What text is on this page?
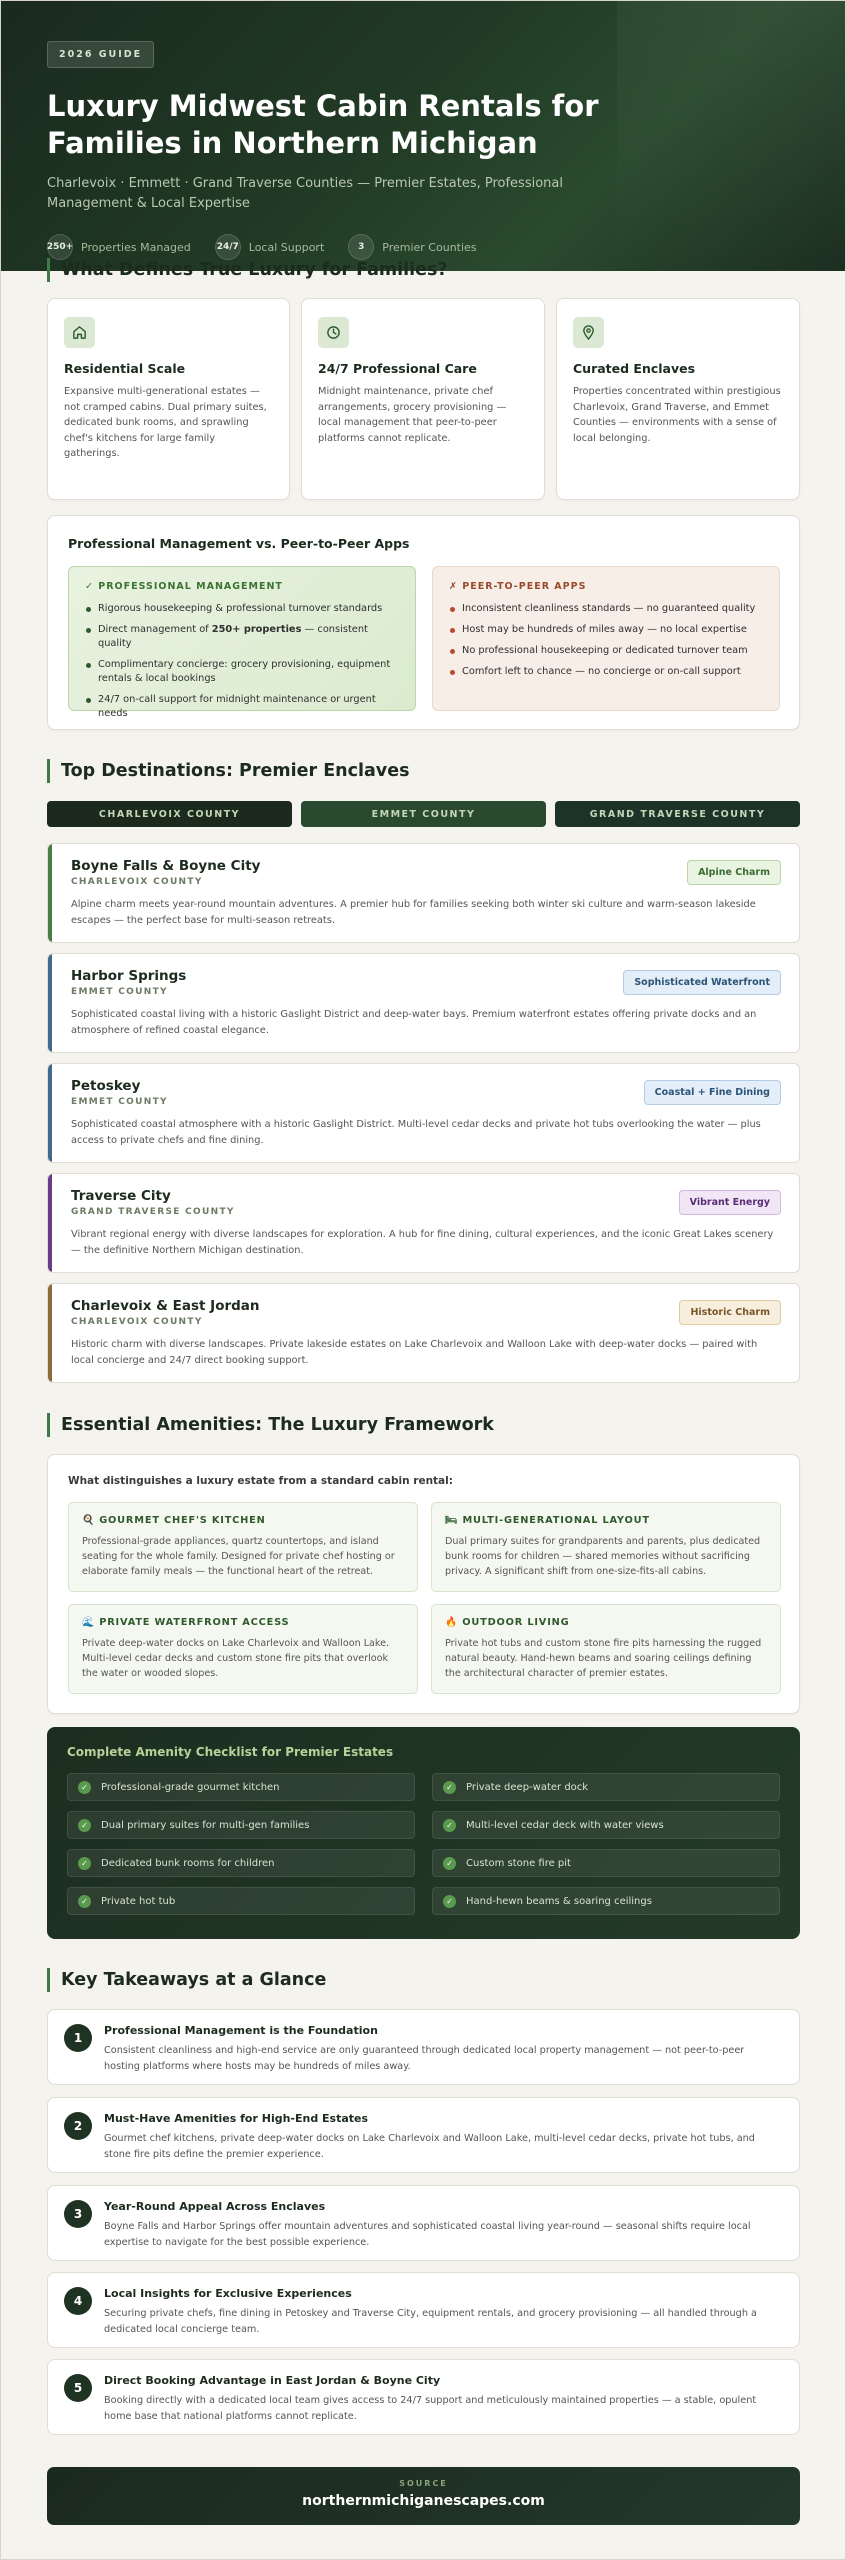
2026 GUIDE
Luxury Midwest Cabin Rentals for Families in Northern Michigan

Charlevoix · Emmett · Grand Traverse Counties — Premier Estates, Professional Management & Local Expertise

250+ Properties Managed	24/7 Local Support	3	Premier Counties
What Defines True Luxury for Families?
Residential Scale

Expansive multi-generational estates — not cramped cabins. Dual primary suites, dedicated bunk rooms, and sprawling chef's kitchens for large family gatherings.

24/7 Professional Care

Midnight maintenance, private chef arrangements, grocery provisioning — local management that peer-to-peer platforms cannot replicate.

Curated Enclaves

Properties concentrated within prestigious Charlevoix, Grand Traverse, and Emmet Counties — environments with a sense of local belonging.

Professional Management vs. Peer-to-Peer Apps
✓ PROFESSIONAL MANAGEMENT
Rigorous housekeeping & professional turnover standards
Direct management of 250+ properties — consistent quality
Complimentary concierge: grocery provisioning, equipment rentals & local bookings
24/7 on-call support for midnight maintenance or urgent needs
✗ PEER-TO-PEER APPS
Inconsistent cleanliness standards — no guaranteed quality
Host may be hundreds of miles away — no local expertise
No professional housekeeping or dedicated turnover team
Comfort left to chance — no concierge or on-call support
Top Destinations: Premier Enclaves
CHARLEVOIX COUNTY	EMMET COUNTY	GRAND TRAVERSE COUNTY
Boyne Falls & Boyne City
CHARLEVOIX COUNTY
Alpine Charm

Alpine charm meets year-round mountain adventures. A premier hub for families seeking both winter ski culture and warm-season lakeside escapes — the perfect base for multi-season retreats.

Harbor Springs
EMMET COUNTY
Sophisticated Waterfront

Sophisticated coastal living with a historic Gaslight District and deep-water bays. Premium waterfront estates offering private docks and an atmosphere of refined coastal elegance.

Petoskey
EMMET COUNTY
Coastal + Fine Dining

Sophisticated coastal atmosphere with a historic Gaslight District. Multi-level cedar decks and private hot tubs overlooking the water — plus access to private chefs and fine dining.

Traverse City
GRAND TRAVERSE COUNTY
Vibrant Energy

Vibrant regional energy with diverse landscapes for exploration. A hub for fine dining, cultural experiences, and the iconic Great Lakes scenery — the definitive Northern Michigan destination.

Charlevoix & East Jordan
CHARLEVOIX COUNTY
Historic Charm

Historic charm with diverse landscapes. Private lakeside estates on Lake Charlevoix and Walloon Lake with deep-water docks — paired with local concierge and 24/7 direct booking support.

Essential Amenities: The Luxury Framework
What distinguishes a luxury estate from a standard cabin rental:
🍳 GOURMET CHEF'S KITCHEN

Professional-grade appliances, quartz countertops, and island seating for the whole family. Designed for private chef hosting or elaborate family meals — the functional heart of the retreat.

🛏 MULTI-GENERATIONAL LAYOUT

Dual primary suites for grandparents and parents, plus dedicated bunk rooms for children — shared memories without sacrificing privacy. A significant shift from one-size-fits-all cabins.

🌊 PRIVATE WATERFRONT ACCESS

Private deep-water docks on Lake Charlevoix and Walloon Lake. Multi-level cedar decks and custom stone fire pits that overlook the water or wooded slopes.

🔥 OUTDOOR LIVING

Private hot tubs and custom stone fire pits harnessing the rugged natural beauty. Hand-hewn beams and soaring ceilings defining the architectural character of premier estates.

Complete Amenity Checklist for Premier Estates
✓	Professional-grade gourmet kitchen	✓	Private deep-water dock
✓	Dual primary suites for multi-gen families	✓	Multi-level cedar deck with water views
✓	Dedicated bunk rooms for children	✓	Custom stone fire pit
✓	Private hot tub	✓	Hand-hewn beams & soaring ceilings
Key Takeaways at a Glance
1
Professional Management is the Foundation

Consistent cleanliness and high-end service are only guaranteed through dedicated local property management — not peer-to-peer hosting platforms where hosts may be hundreds of miles away.

2
Must-Have Amenities for High-End Estates

Gourmet chef kitchens, private deep-water docks on Lake Charlevoix and Walloon Lake, multi-level cedar decks, private hot tubs, and stone fire pits define the premier experience.

3
Year-Round Appeal Across Enclaves

Boyne Falls and Harbor Springs offer mountain adventures and sophisticated coastal living year-round — seasonal shifts require local expertise to navigate for the best possible experience.

4
Local Insights for Exclusive Experiences

Securing private chefs, fine dining in Petoskey and Traverse City, equipment rentals, and grocery provisioning — all handled through a dedicated local concierge team.

5
Direct Booking Advantage in East Jordan & Boyne City

Booking directly with a dedicated local team gives access to 24/7 support and meticulously maintained properties — a stable, opulent home base that national platforms cannot replicate.

SOURCE
northernmichiganescapes.com
